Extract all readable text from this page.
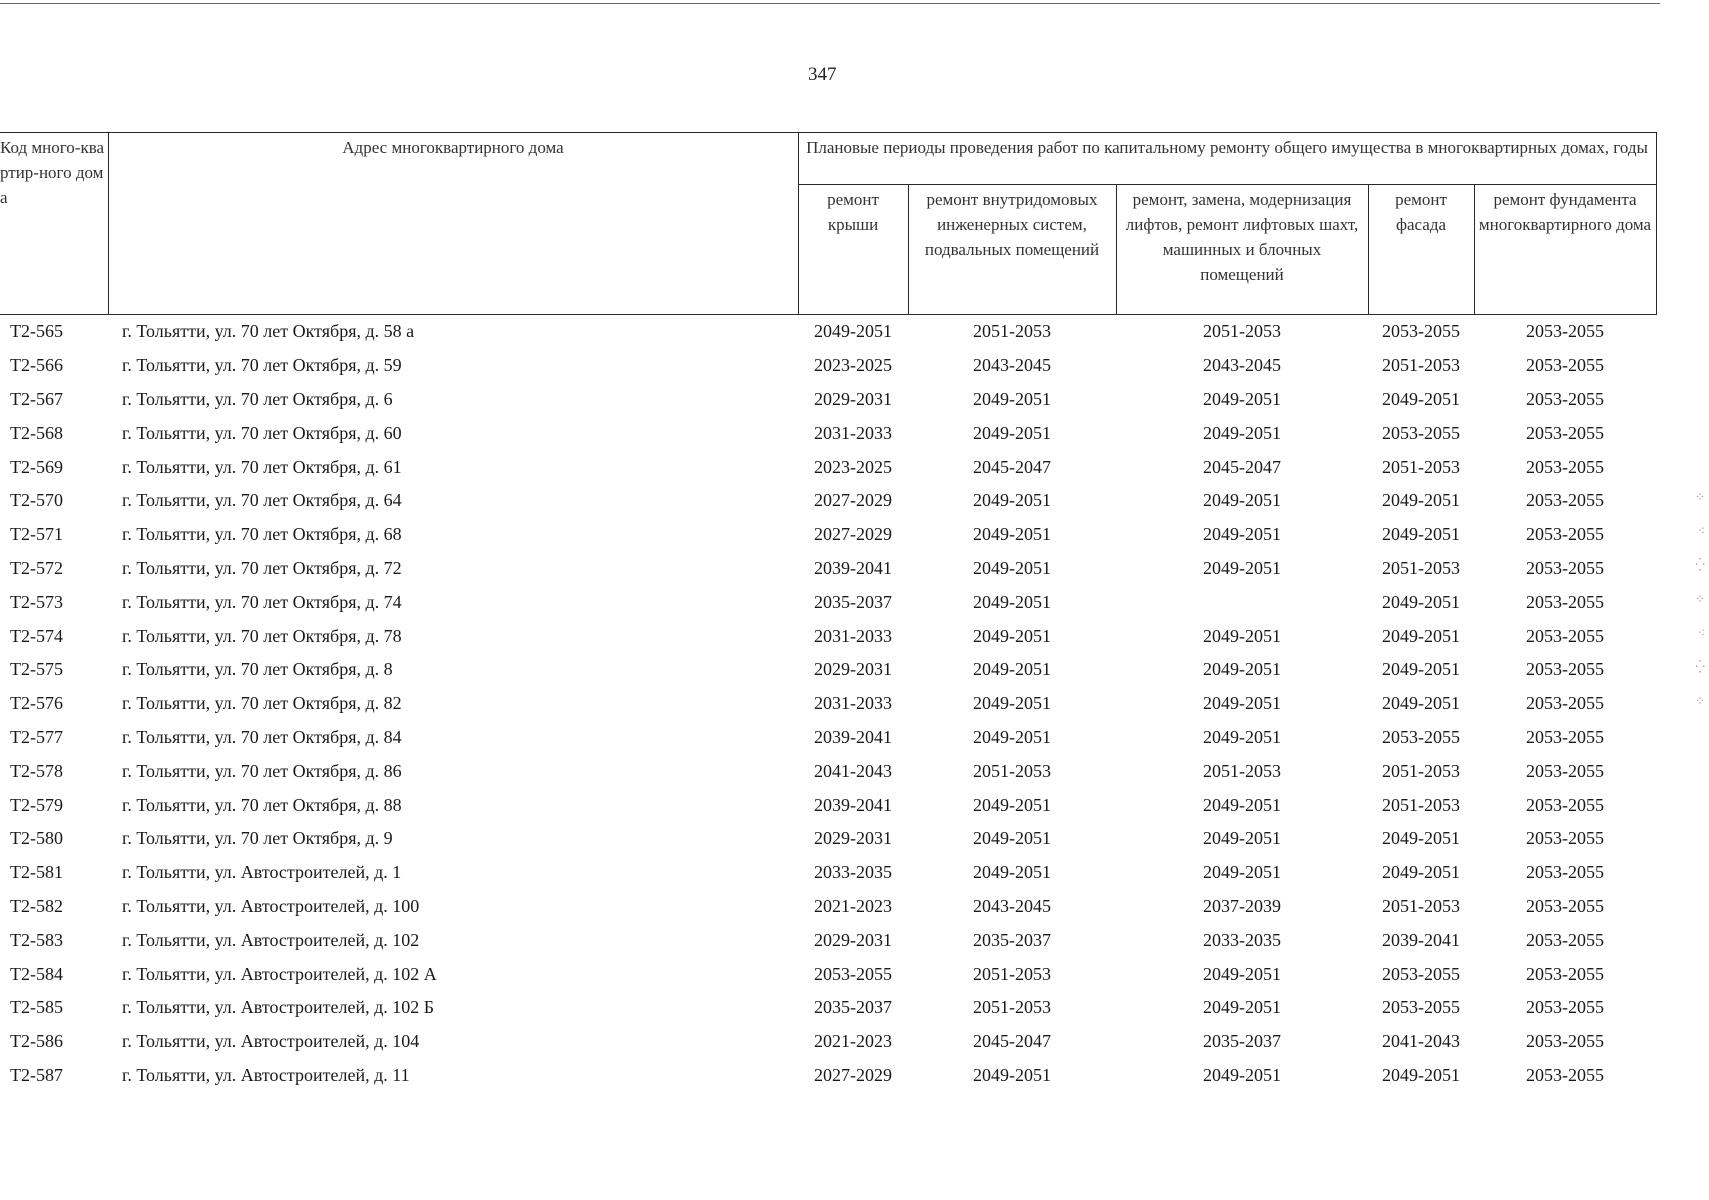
347
Код много-квартир-ного дома	Адрес многоквартирного дома	Плановые периоды проведения работ по капитальному ремонту общего имущества в многоквартирных домах, годы				
		ремонт крыши	ремонт внутридомовых инженерных систем, подвальных помещений	ремонт, замена, модернизация лифтов, ремонт лифтовых шахт, машинных и блочных помещений	ремонт фасада	ремонт фундамента многоквартирного дома
Т2-565	г. Тольятти, ул. 70 лет Октября, д. 58 а	2049-2051	2051-2053	2051-2053	2053-2055	2053-2055
Т2-566	г. Тольятти, ул. 70 лет Октября, д. 59	2023-2025	2043-2045	2043-2045	2051-2053	2053-2055
Т2-567	г. Тольятти, ул. 70 лет Октября, д. 6	2029-2031	2049-2051	2049-2051	2049-2051	2053-2055
Т2-568	г. Тольятти, ул. 70 лет Октября, д. 60	2031-2033	2049-2051	2049-2051	2053-2055	2053-2055
Т2-569	г. Тольятти, ул. 70 лет Октября, д. 61	2023-2025	2045-2047	2045-2047	2051-2053	2053-2055
Т2-570	г. Тольятти, ул. 70 лет Октября, д. 64	2027-2029	2049-2051	2049-2051	2049-2051	2053-2055
Т2-571	г. Тольятти, ул. 70 лет Октября, д. 68	2027-2029	2049-2051	2049-2051	2049-2051	2053-2055
Т2-572	г. Тольятти, ул. 70 лет Октября, д. 72	2039-2041	2049-2051	2049-2051	2051-2053	2053-2055
Т2-573	г. Тольятти, ул. 70 лет Октября, д. 74	2035-2037	2049-2051		2049-2051	2053-2055
Т2-574	г. Тольятти, ул. 70 лет Октября, д. 78	2031-2033	2049-2051	2049-2051	2049-2051	2053-2055
Т2-575	г. Тольятти, ул. 70 лет Октября, д. 8	2029-2031	2049-2051	2049-2051	2049-2051	2053-2055
Т2-576	г. Тольятти, ул. 70 лет Октября, д. 82	2031-2033	2049-2051	2049-2051	2049-2051	2053-2055
Т2-577	г. Тольятти, ул. 70 лет Октября, д. 84	2039-2041	2049-2051	2049-2051	2053-2055	2053-2055
Т2-578	г. Тольятти, ул. 70 лет Октября, д. 86	2041-2043	2051-2053	2051-2053	2051-2053	2053-2055
Т2-579	г. Тольятти, ул. 70 лет Октября, д. 88	2039-2041	2049-2051	2049-2051	2051-2053	2053-2055
Т2-580	г. Тольятти, ул. 70 лет Октября, д. 9	2029-2031	2049-2051	2049-2051	2049-2051	2053-2055
Т2-581	г. Тольятти, ул. Автостроителей, д. 1	2033-2035	2049-2051	2049-2051	2049-2051	2053-2055
Т2-582	г. Тольятти, ул. Автостроителей, д. 100	2021-2023	2043-2045	2037-2039	2051-2053	2053-2055
Т2-583	г. Тольятти, ул. Автостроителей, д. 102	2029-2031	2035-2037	2033-2035	2039-2041	2053-2055
Т2-584	г. Тольятти, ул. Автостроителей, д. 102 А	2053-2055	2051-2053	2049-2051	2053-2055	2053-2055
Т2-585	г. Тольятти, ул. Автостроителей, д. 102 Б	2035-2037	2051-2053	2049-2051	2053-2055	2053-2055
Т2-586	г. Тольятти, ул. Автостроителей, д. 104	2021-2023	2045-2047	2035-2037	2041-2043	2053-2055
Т2-587	г. Тольятти, ул. Автостроителей, д. 11	2027-2029	2049-2051	2049-2051	2049-2051	2053-2055
⁘
⁖
⁛
⁘
⁖
⁛
⁘
